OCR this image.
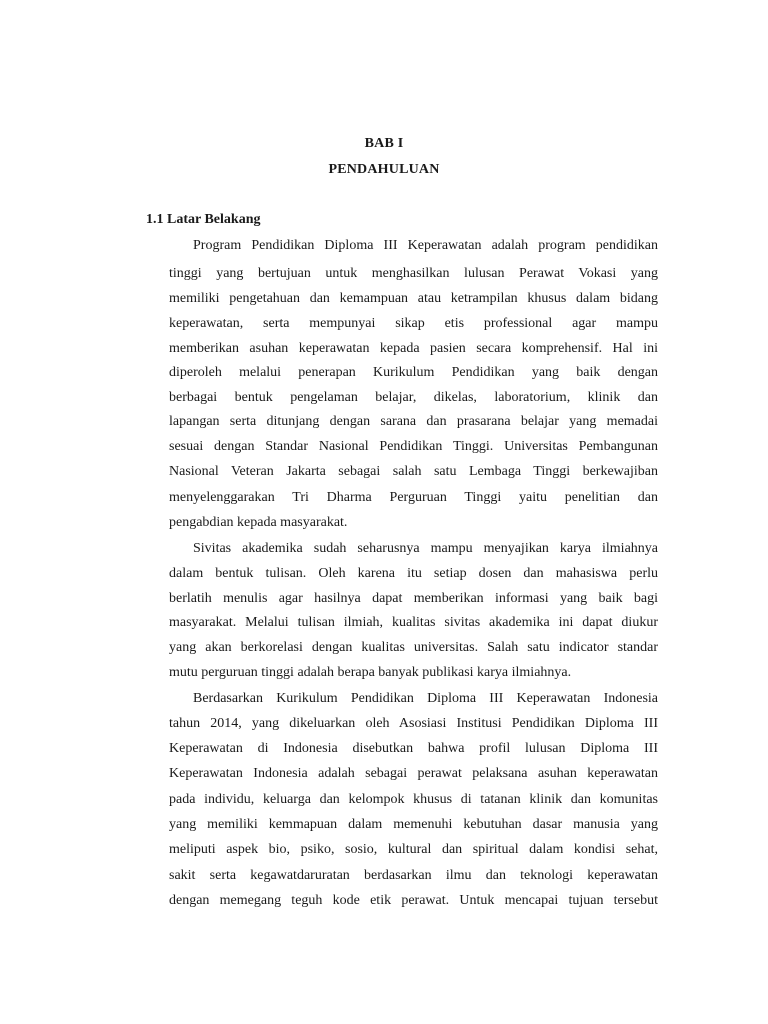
BAB I
PENDAHULUAN
1.1 Latar Belakang
Program Pendidikan Diploma III Keperawatan adalah program pendidikan
tinggi yang bertujuan untuk menghasilkan lulusan Perawat Vokasi yang
memiliki pengetahuan dan kemampuan atau ketrampilan khusus dalam bidang
keperawatan, serta mempunyai sikap etis professional agar mampu
memberikan asuhan keperawatan kepada pasien secara komprehensif. Hal ini
diperoleh melalui penerapan Kurikulum Pendidikan yang baik dengan
berbagai bentuk pengelaman belajar, dikelas, laboratorium, klinik dan
lapangan serta ditunjang dengan sarana dan prasarana belajar yang memadai
sesuai dengan Standar Nasional Pendidikan Tinggi. Universitas Pembangunan
Nasional Veteran Jakarta sebagai salah satu Lembaga Tinggi berkewajiban
menyelenggarakan Tri Dharma Perguruan Tinggi yaitu penelitian dan
pengabdian kepada masyarakat.
Sivitas akademika sudah seharusnya mampu menyajikan karya ilmiahnya
dalam bentuk tulisan. Oleh karena itu setiap dosen dan mahasiswa perlu
berlatih menulis agar hasilnya dapat memberikan informasi yang baik bagi
masyarakat. Melalui tulisan ilmiah, kualitas sivitas akademika ini dapat diukur
yang akan berkorelasi dengan kualitas universitas. Salah satu indicator standar
mutu perguruan tinggi adalah berapa banyak publikasi karya ilmiahnya.
Berdasarkan Kurikulum Pendidikan Diploma III Keperawatan Indonesia
tahun 2014, yang dikeluarkan oleh Asosiasi Institusi Pendidikan Diploma III
Keperawatan di Indonesia disebutkan bahwa profil lulusan Diploma III
Keperawatan Indonesia adalah sebagai perawat pelaksana asuhan keperawatan
pada individu, keluarga dan kelompok khusus di tatanan klinik dan komunitas
yang memiliki kemmapuan dalam memenuhi kebutuhan dasar manusia yang
meliputi aspek bio, psiko, sosio, kultural dan spiritual dalam kondisi sehat,
sakit serta kegawatdaruratan berdasarkan ilmu dan teknologi keperawatan
dengan memegang teguh kode etik perawat. Untuk mencapai tujuan tersebut
